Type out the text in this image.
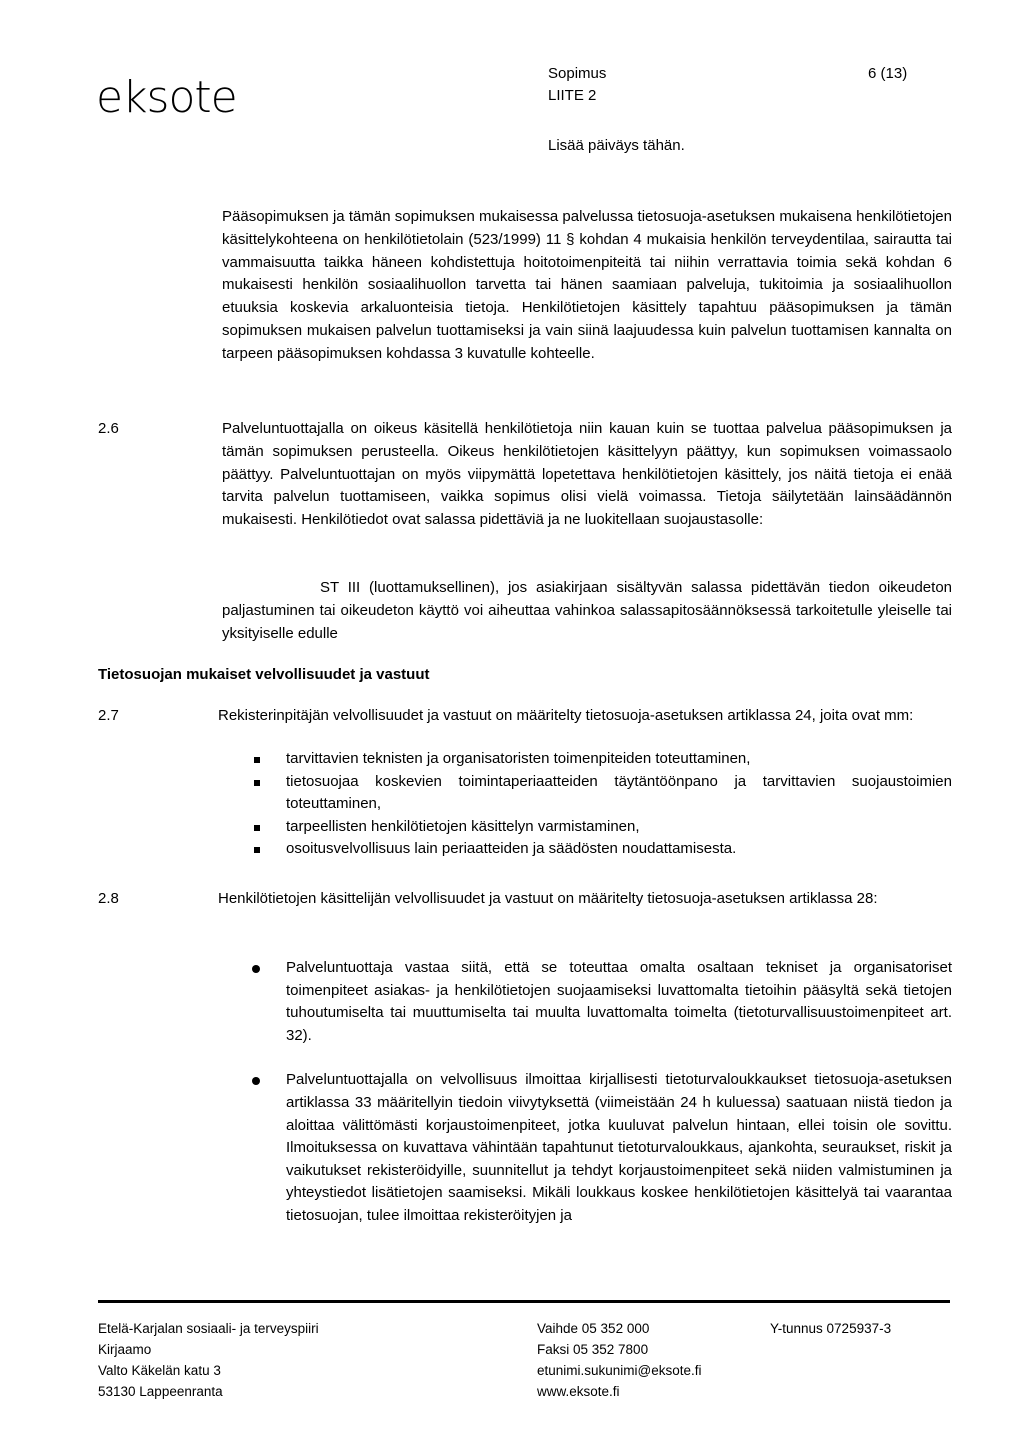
eksote	Sopimus
LIITE 2
6 (13)
Lisää päiväys tähän.
Pääsopimuksen ja tämän sopimuksen mukaisessa palvelussa tietosuoja-asetuksen mukaisena henkilötietojen käsittelykohteena on henkilötietolain (523/1999) 11 § kohdan 4 mukaisia henkilön terveydentilaa, sairautta tai vammaisuutta taikka häneen kohdistettuja hoitotoimenpiteitä tai niihin verrattavia toimia sekä kohdan 6 mukaisesti henkilön sosiaalihuollon tarvetta tai hänen saamiaan palveluja, tukitoimia ja sosiaalihuollon etuuksia koskevia arkaluonteisia tietoja. Henkilötietojen käsittely tapahtuu pääsopimuksen ja tämän sopimuksen mukaisen palvelun tuottamiseksi ja vain siinä laajuudessa kuin palvelun tuottamisen kannalta on tarpeen pääsopimuksen kohdassa 3 kuvatulle kohteelle.
2.6	Palveluntuottajalla on oikeus käsitellä henkilötietoja niin kauan kuin se tuottaa palvelua pääsopimuksen ja tämän sopimuksen perusteella. Oikeus henkilötietojen käsittelyyn päättyy, kun sopimuksen voimassaolo päättyy. Palveluntuottajan on myös viipymättä lopetettava henkilötietojen käsittely, jos näitä tietoja ei enää tarvita palvelun tuottamiseen, vaikka sopimus olisi vielä voimassa. Tietoja säilytetään lainsäädännön mukaisesti. Henkilötiedot ovat salassa pidettäviä ja ne luokitellaan suojaustasolle:
ST III (luottamuksellinen), jos asiakirjaan sisältyvän salassa pidettävän tiedon oikeudeton paljastuminen tai oikeudeton käyttö voi aiheuttaa vahinkoa salassapitosäännöksessä tarkoitetulle yleiselle tai yksityiselle edulle
Tietosuojan mukaiset velvollisuudet ja vastuut
2.7	Rekisterinpitäjän velvollisuudet ja vastuut on määritelty tietosuoja-asetuksen artiklassa 24, joita ovat mm:
tarvittavien teknisten ja organisatoristen toimenpiteiden toteuttaminen,
tietosuojaa koskevien toimintaperiaatteiden täytäntöönpano ja tarvittavien suojaustoimien toteuttaminen,
tarpeellisten henkilötietojen käsittelyn varmistaminen,
osoitusvelvollisuus lain periaatteiden ja säädösten noudattamisesta.
2.8	Henkilötietojen käsittelijän velvollisuudet ja vastuut on määritelty tietosuoja-asetuksen artiklassa 28:
Palveluntuottaja vastaa siitä, että se toteuttaa omalta osaltaan tekniset ja organisatoriset toimenpiteet asiakas- ja henkilötietojen suojaamiseksi luvattomalta tietoihin pääsyltä sekä tietojen tuhoutumiselta tai muuttumiselta tai muulta luvattomalta toimelta (tietoturvallisuustoimenpiteet art. 32).
Palveluntuottajalla on velvollisuus ilmoittaa kirjallisesti tietoturvaloukkaukset tietosuoja-asetuksen artiklassa 33 määritellyin tiedoin viivytyksettä (viimeistään 24 h kuluessa) saatuaan niistä tiedon ja aloittaa välittömästi korjaustoimenpiteet, jotka kuuluvat palvelun hintaan, ellei toisin ole sovittu. Ilmoituksessa on kuvattava vähintään tapahtunut tietoturvaloukkaus, ajankohta, seuraukset, riskit ja vaikutukset rekisteröidyille, suunnitellut ja tehdyt korjaustoimenpiteet sekä niiden valmistuminen ja yhteystiedot lisätietojen saamiseksi. Mikäli loukkaus koskee henkilötietojen käsittelyä tai vaarantaa tietosuojan, tulee ilmoittaa rekisteröityjen ja
Etelä-Karjalan sosiaali- ja terveyspiiri
Kirjaamo
Valto Käkelän katu 3
53130 Lappeenranta
Vaihde 05 352 000
Faksi 05 352 7800
etunimi.sukunimi@eksote.fi
www.eksote.fi
Y-tunnus 0725937-3
